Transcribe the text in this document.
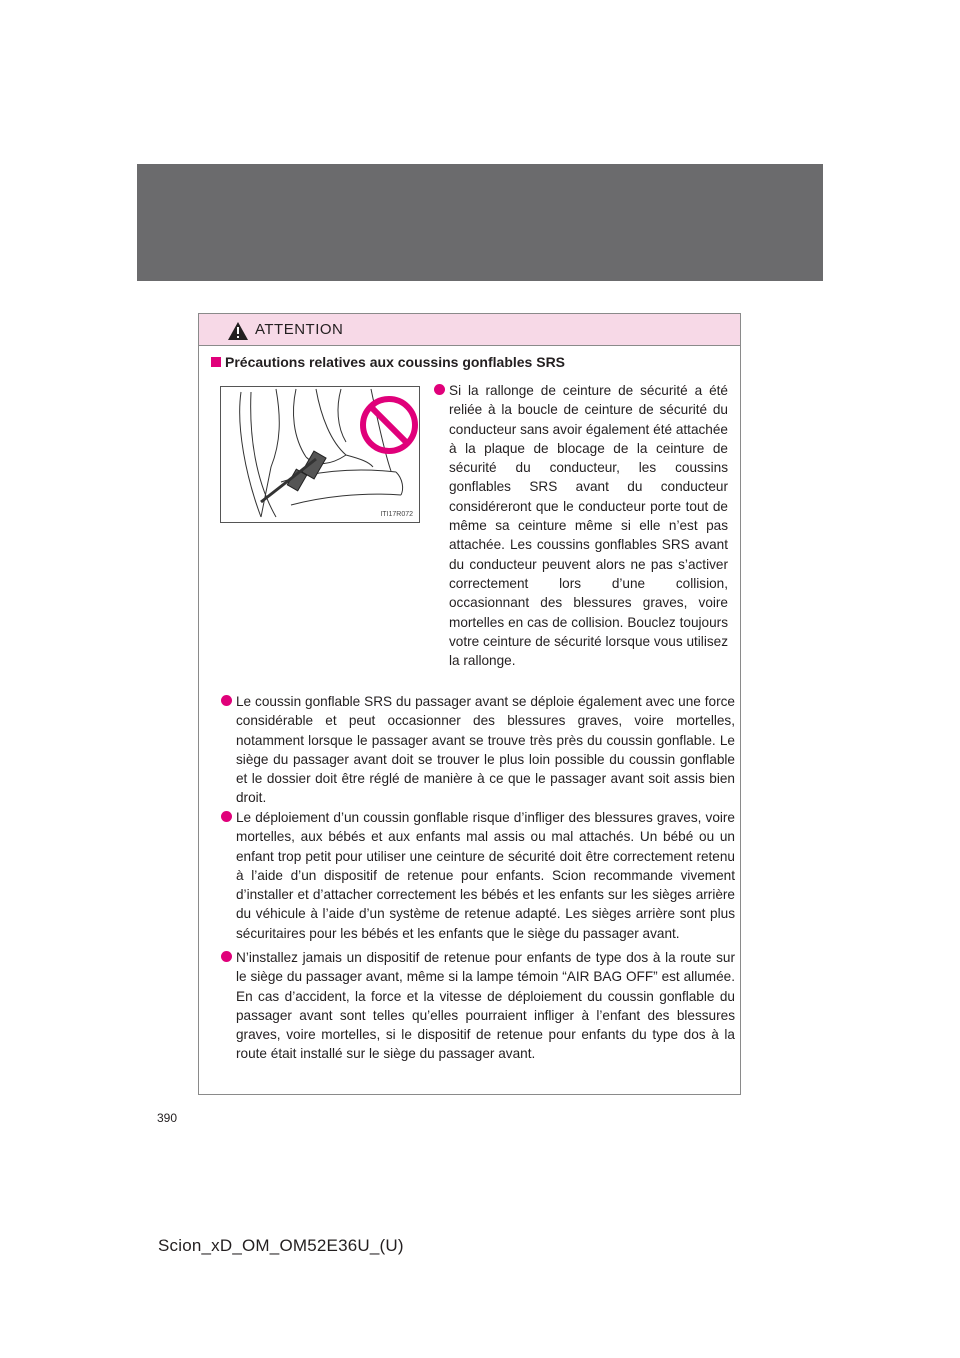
ATTENTION
Précautions relatives aux coussins gonflables SRS
ITI17R072
Si la rallonge de ceinture de sécurité a été reliée à la boucle de ceinture de sécurité du conducteur sans avoir également été attachée à la plaque de blocage de la ceinture de sécurité du conducteur, les coussins gonflables SRS avant du conducteur considéreront que le conducteur porte tout de même sa ceinture même si elle n’est pas attachée. Les coussins gonflables SRS avant du conducteur peuvent alors ne pas s’activer correctement lors d’une collision, occasionnant des blessures graves, voire mortelles en cas de collision. Bouclez toujours votre ceinture de sécurité lorsque vous utilisez la rallonge.
Le coussin gonflable SRS du passager avant se déploie également avec une force considérable et peut occasionner des blessures graves, voire mortelles, notamment lorsque le passager avant se trouve très près du coussin gonflable. Le siège du passager avant doit se trouver le plus loin possible du coussin gonflable et le dossier doit être réglé de manière à ce que le passager avant soit assis bien droit.
Le déploiement d’un coussin gonflable risque d’infliger des blessures graves, voire mortelles, aux bébés et aux enfants mal assis ou mal attachés. Un bébé ou un enfant trop petit pour utiliser une ceinture de sécurité doit être correctement retenu à l’aide d’un dispositif de retenue pour enfants. Scion recommande vivement d’installer et d’attacher correctement les bébés et les enfants sur les sièges arrière du véhicule à l’aide d’un système de retenue adapté. Les sièges arrière sont plus sécuritaires pour les bébés et les enfants que le siège du passager avant.
N’installez jamais un dispositif de retenue pour enfants de type dos à la route sur le siège du passager avant, même si la lampe témoin “AIR BAG OFF” est allumée. En cas d’accident, la force et la vitesse de déploiement du coussin gonflable du passager avant sont telles qu’elles pourraient infliger à l’enfant des blessures graves, voire mortelles, si le dispositif de retenue pour enfants du type dos à la route était installé sur le siège du passager avant.
390
Scion_xD_OM_OM52E36U_(U)
